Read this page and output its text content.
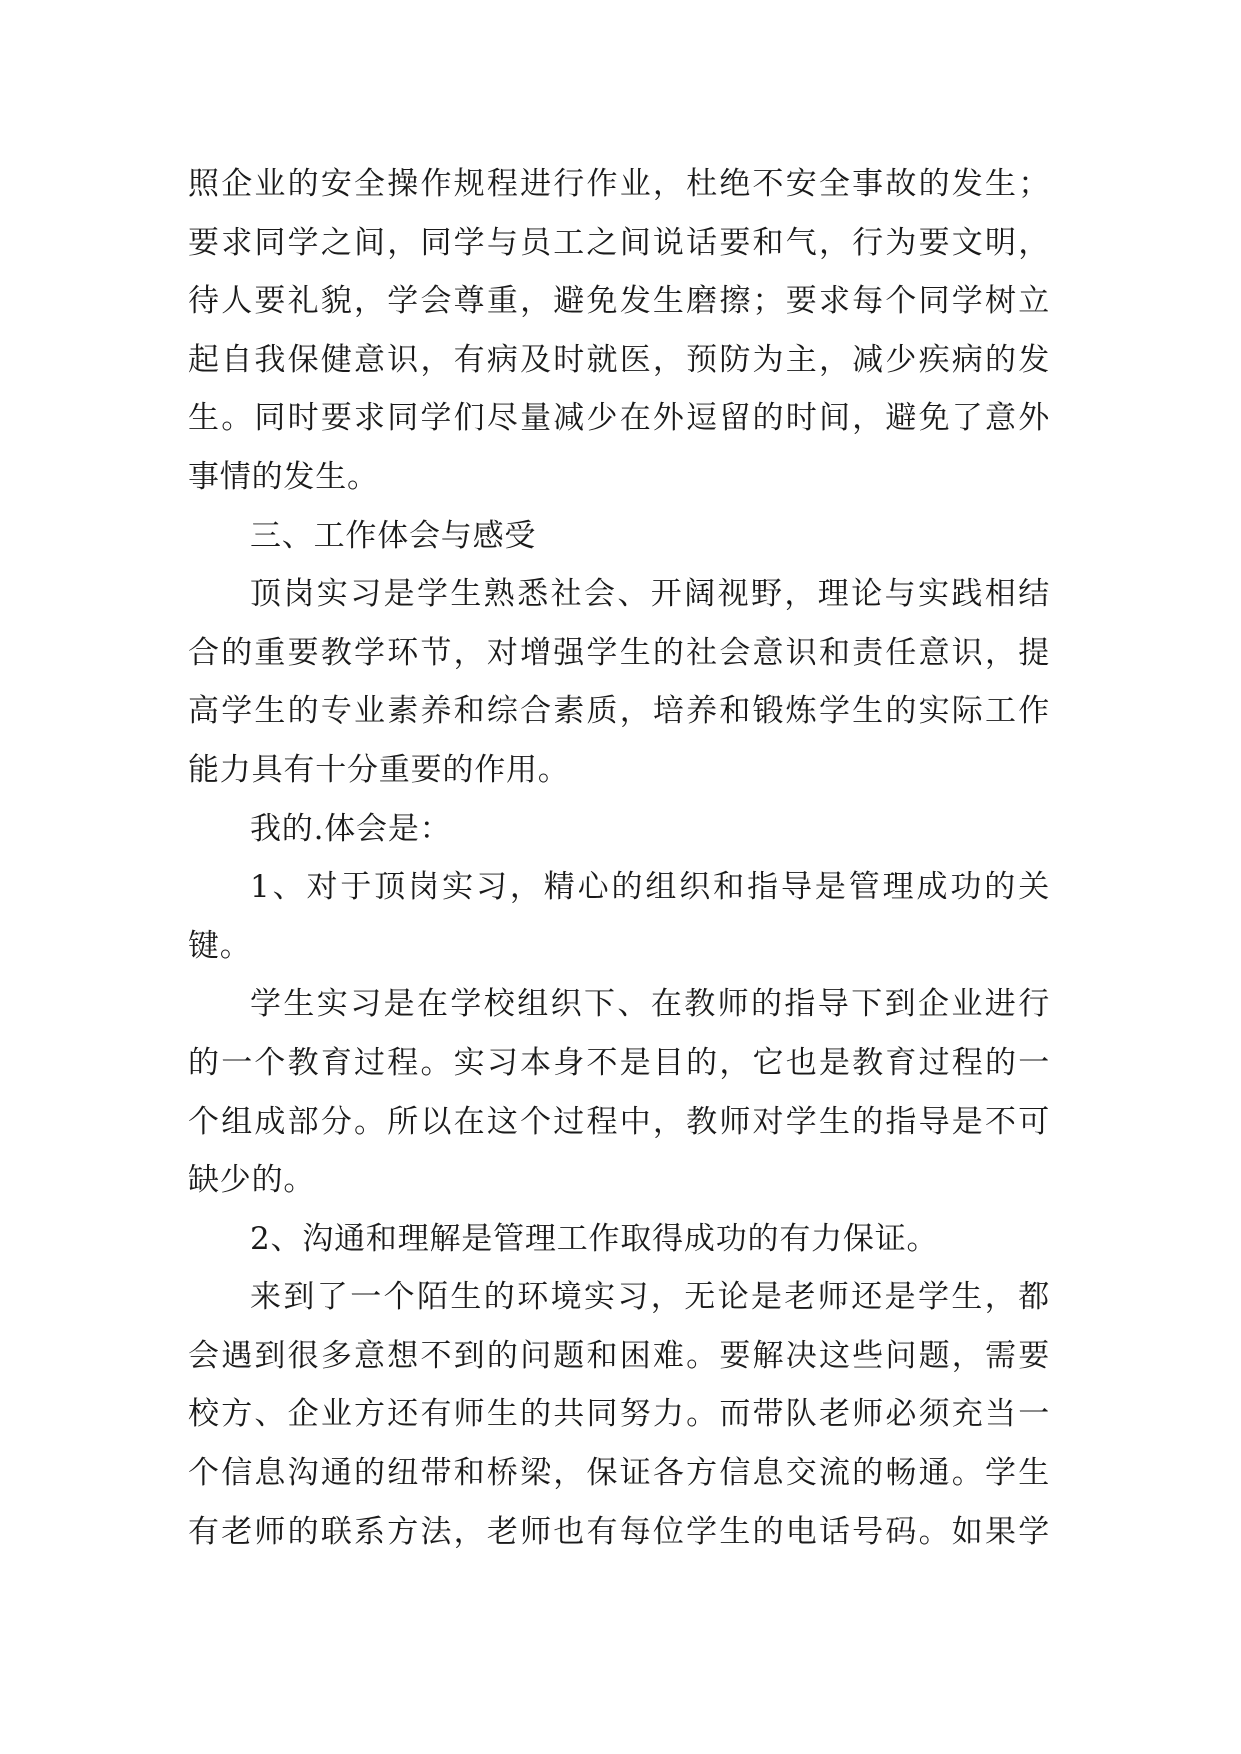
照企业的安全操作规程进行作业，杜绝不安全事故的发生；
要求同学之间，同学与员工之间说话要和气，行为要文明，
待人要礼貌，学会尊重，避免发生磨擦；要求每个同学树立
起自我保健意识，有病及时就医，预防为主，减少疾病的发
生。同时要求同学们尽量减少在外逗留的时间，避免了意外
事情的发生。
三、工作体会与感受
顶岗实习是学生熟悉社会、开阔视野，理论与实践相结
合的重要教学环节，对增强学生的社会意识和责任意识，提
高学生的专业素养和综合素质，培养和锻炼学生的实际工作
能力具有十分重要的作用。
我的.体会是：
1、对于顶岗实习，精心的组织和指导是管理成功的关
键。
学生实习是在学校组织下、在教师的指导下到企业进行
的一个教育过程。实习本身不是目的，它也是教育过程的一
个组成部分。所以在这个过程中，教师对学生的指导是不可
缺少的。
2、沟通和理解是管理工作取得成功的有力保证。
来到了一个陌生的环境实习，无论是老师还是学生，都
会遇到很多意想不到的问题和困难。要解决这些问题，需要
校方、企业方还有师生的共同努力。而带队老师必须充当一
个信息沟通的纽带和桥梁，保证各方信息交流的畅通。学生
有老师的联系方法，老师也有每位学生的电话号码。如果学
